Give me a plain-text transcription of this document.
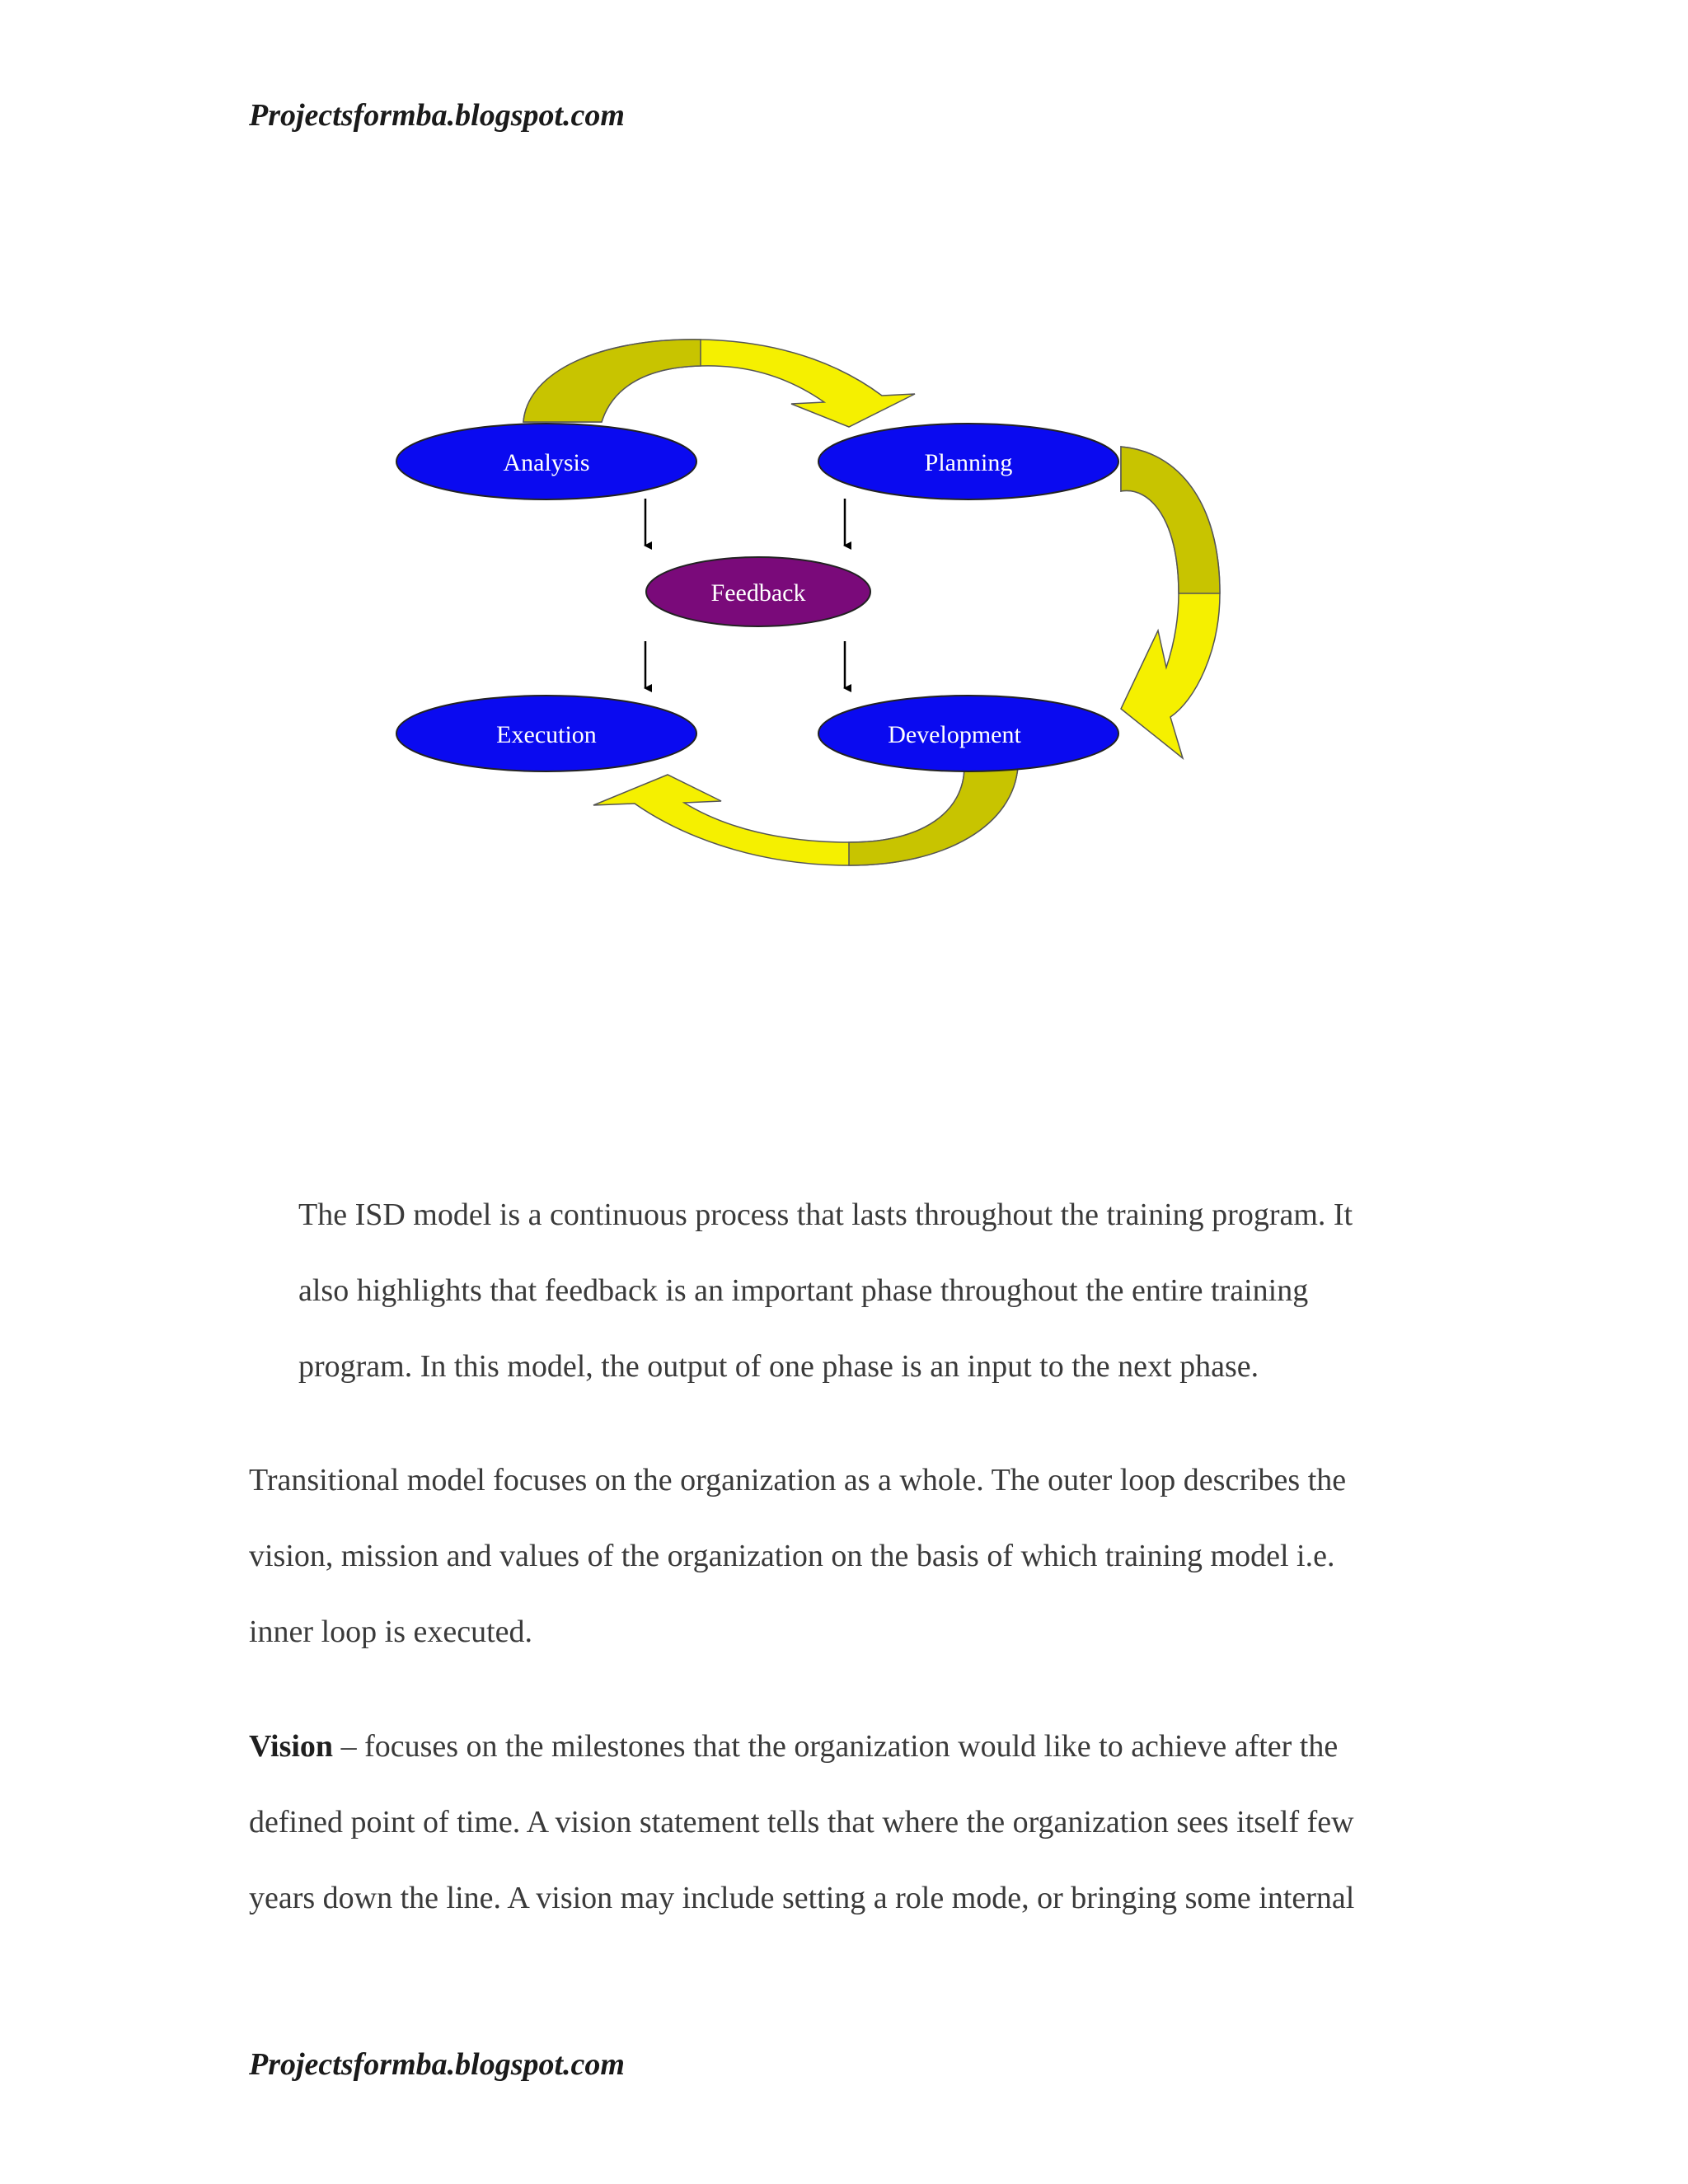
Projectsformba.blogspot.com
Analysis	Planning
Feedback
Execution	Development

The ISD model is a continuous process that lasts throughout the training program. It
also highlights that feedback is an important phase throughout the entire training
program. In this model, the output of one phase is an input to the next phase.

Transitional model focuses on the organization as a whole. The outer loop describes the
vision, mission and values of the organization on the basis of which training model i.e.
inner loop is executed.

Vision – focuses on the milestones that the organization would like to achieve after the
defined point of time. A vision statement tells that where the organization sees itself few
years down the line. A vision may include setting a role mode, or bringing some internal

Projectsformba.blogspot.com
